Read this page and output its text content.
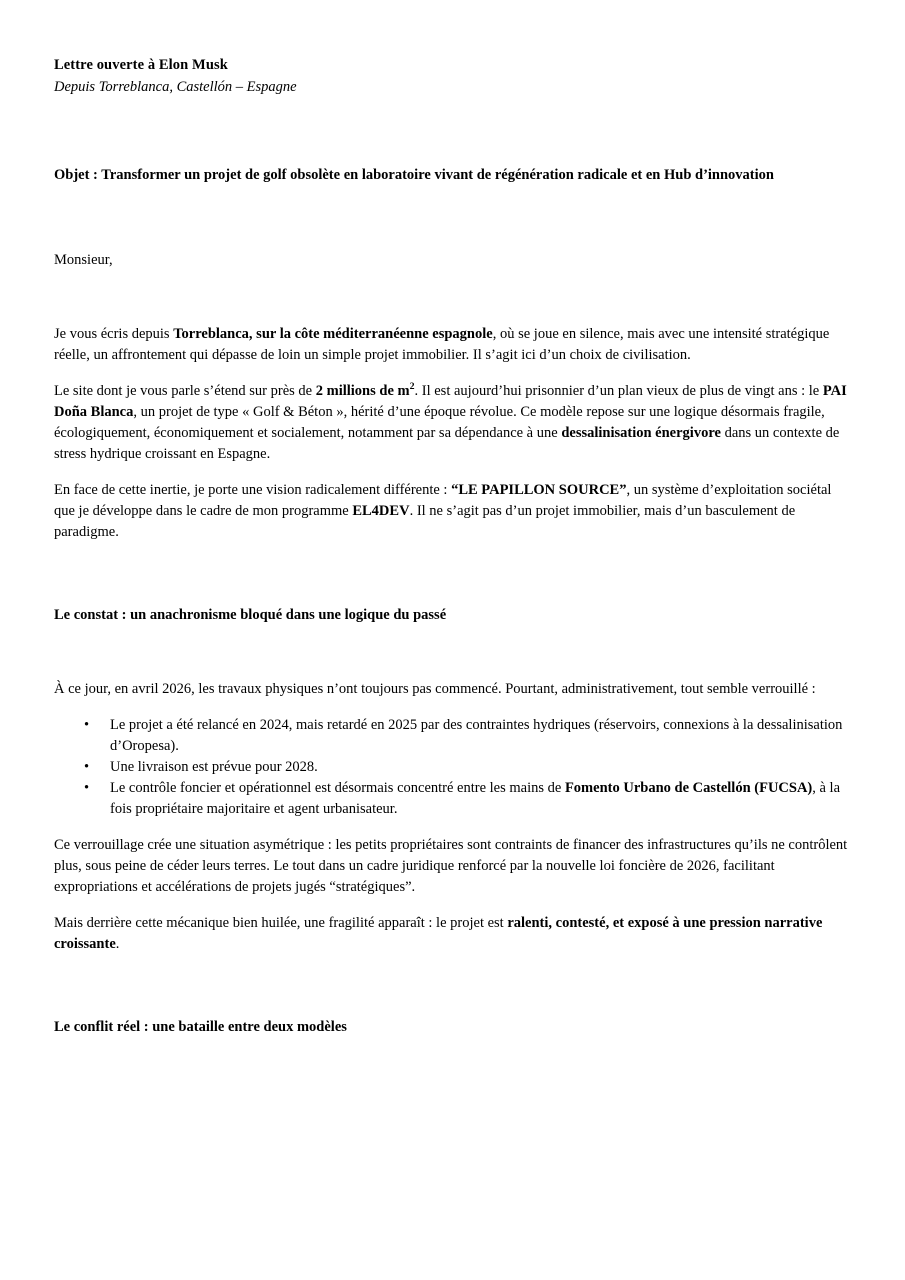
Lettre ouverte à Elon Musk

Depuis Torreblanca, Castellón – Espagne

Objet : Transformer un projet de golf obsolète en laboratoire vivant de régénération radicale et en Hub d’innovation

Monsieur,

Je vous écris depuis Torreblanca, sur la côte méditerranéenne espagnole, où se joue en silence, mais avec une intensité stratégique réelle, un affrontement qui dépasse de loin un simple projet immobilier. Il s’agit ici d’un choix de civilisation.

Le site dont je vous parle s’étend sur près de 2 millions de $m^2$. Il est aujourd’hui prisonnier d’un plan vieux de plus de vingt ans : le PAI Doña Blanca, un projet de type « Golf & Béton », hérité d’une époque révolue. Ce modèle repose sur une logique désormais fragile, écologiquement, économiquement et socialement, notamment par sa dépendance à une dessalinisation énergivore dans un contexte de stress hydrique croissant en Espagne.

En face de cette inertie, je porte une vision radicalement différente : “LE PAPILLON SOURCE”, un système d’exploitation sociétal que je développe dans le cadre de mon programme EL4DEV. Il ne s’agit pas d’un projet immobilier, mais d’un basculement de paradigme.

Le constat : un anachronisme bloqué dans une logique du passé

À ce jour, en avril 2026, les travaux physiques n’ont toujours pas commencé. Pourtant, administrativement, tout semble verrouillé :

• Le projet a été relancé en 2024, mais retardé en 2025 par des contraintes hydriques (réservoirs, connexions à la dessalinisation d’Oropesa).
• Une livraison est prévue pour 2028.
• Le contrôle foncier et opérationnel est désormais concentré entre les mains de Fomento Urbano de Castellón (FUCSA), à la fois propriétaire majoritaire et agent urbanisateur.

Ce verrouillage crée une situation asymétrique : les petits propriétaires sont contraints de financer des infrastructures qu’ils ne contrôlent plus, sous peine de céder leurs terres. Le tout dans un cadre juridique renforcé par la nouvelle loi foncière de 2026, facilitant expropriations et accélérations de projets jugés “stratégiques”.

Mais derrière cette mécanique bien huilée, une fragilité apparaît : le projet est ralenti, contesté, et exposé à une pression narrative croissante.

Le conflit réel : une bataille entre deux modèles
